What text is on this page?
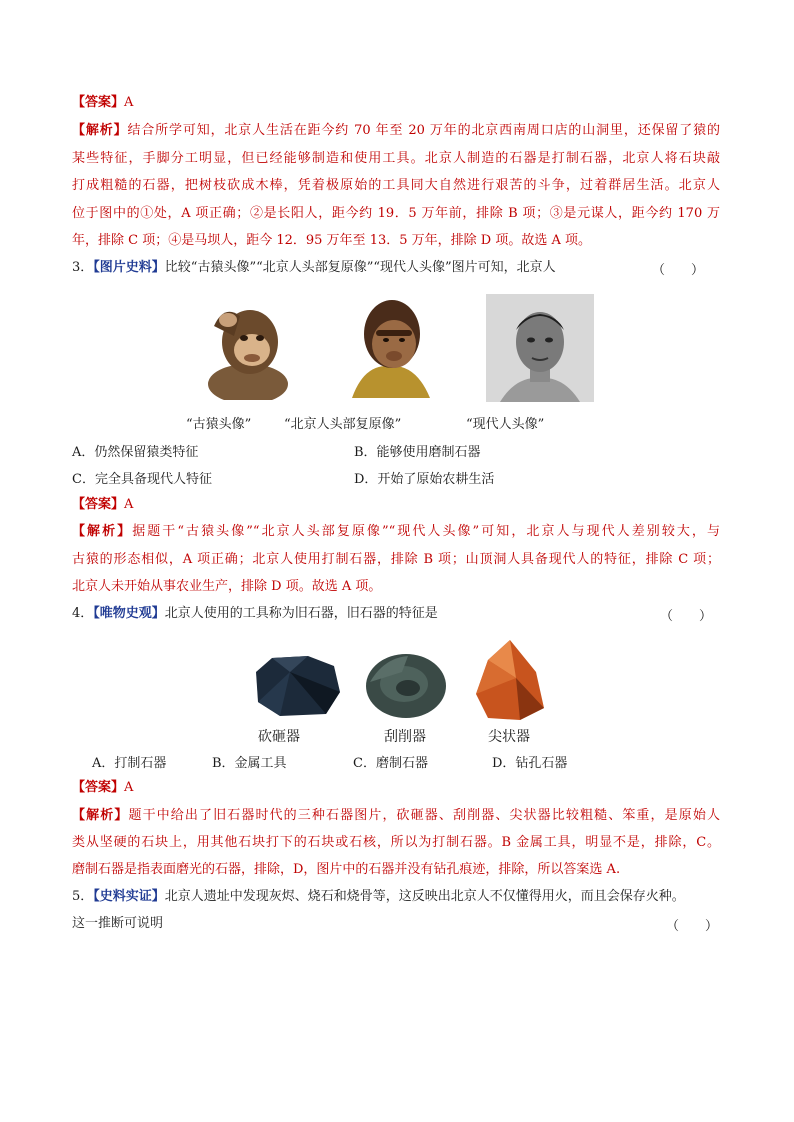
【答案】A
【解析】结合所学可知，北京人生活在距今约 70 年至 20 万年的北京西南周口店的山洞里，还保留了猿的
某些特征，手脚分工明显，但已经能够制造和使用工具。北京人制造的石器是打制石器，北京人将石块敲
打成粗糙的石器，把树枝砍成木棒，凭着极原始的工具同大自然进行艰苦的斗争，过着群居生活。北京人
位于图中的①处，A 项正确；②是长阳人，距今约 19．5 万年前，排除 B 项；③是元谋人，距今约 170 万
年，排除 C 项；④是马坝人，距今 12．95 万年至 13．5 万年，排除 D 项。故选 A 项。
3．【图片史料】比较“古猿头像”“北京人头部复原像”“现代人头像”图片可知，北京人	（　　）
“古猿头像”	“北京人头部复原像”	“现代人头像”
A．仍然保留猿类特征	B．能够使用磨制石器
C．完全具备现代人特征	D．开始了原始农耕生活
【答案】A
【解析】据题干“古猿头像”“北京人头部复原像”“现代人头像”可知，北京人与现代人差别较大，与
古猿的形态相似，A 项正确；北京人使用打制石器，排除 B 项；山顶洞人具备现代人的特征，排除 C 项；
北京人未开始从事农业生产，排除 D 项。故选 A 项。
4．【唯物史观】北京人使用的工具称为旧石器，旧石器的特征是	（　　）
砍砸器	刮削器	尖状器
A．打制石器	B．金属工具	C．磨制石器	D．钻孔石器
【答案】A
【解析】题干中给出了旧石器时代的三种石器图片，砍砸器、刮削器、尖状器比较粗糙、笨重，是原始人
类从坚硬的石块上，用其他石块打下的石块或石核，所以为打制石器。B 金属工具，明显不是，排除，C。
磨制石器是指表面磨光的石器，排除，D，图片中的石器并没有钻孔痕迹，排除，所以答案选 A.
5．【史料实证】北京人遗址中发现灰烬、烧石和烧骨等，这反映出北京人不仅懂得用火，而且会保存火种。
这一推断可说明	（　　）
